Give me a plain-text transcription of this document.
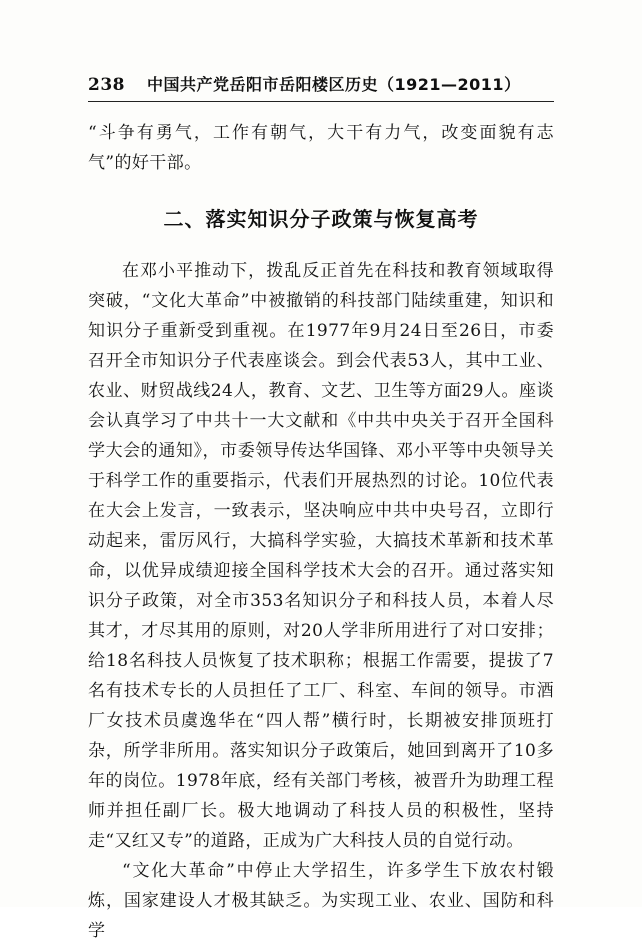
238 中国共产党岳阳市岳阳楼区历史（1921—2011）

“斗争有勇气，工作有朝气，大干有力气，改变面貌有志气”的好干部。

二、落实知识分子政策与恢复高考

在邓小平推动下，拨乱反正首先在科技和教育领域取得突破，“文化大革命”中被撤销的科技部门陆续重建，知识和知识分子重新受到重视。在1977年9月24日至26日，市委召开全市知识分子代表座谈会。到会代表53人，其中工业、农业、财贸战线24人，教育、文艺、卫生等方面29人。座谈会认真学习了中共十一大文献和《中共中央关于召开全国科学大会的通知》，市委领导传达华国锋、邓小平等中央领导关于科学工作的重要指示，代表们开展热烈的讨论。10位代表在大会上发言，一致表示，坚决响应中共中央号召，立即行动起来，雷厉风行，大搞科学实验，大搞技术革新和技术革命，以优异成绩迎接全国科学技术大会的召开。通过落实知识分子政策，对全市353名知识分子和科技人员，本着人尽其才，才尽其用的原则，对20人学非所用进行了对口安排；给18名科技人员恢复了技术职称；根据工作需要，提拔了7名有技术专长的人员担任了工厂、科室、车间的领导。市酒厂女技术员虞逸华在“四人帮”横行时，长期被安排顶班打杂，所学非所用。落实知识分子政策后，她回到离开了10多年的岗位。1978年底，经有关部门考核，被晋升为助理工程师并担任副厂长。极大地调动了科技人员的积极性，坚持走“又红又专”的道路，正成为广大科技人员的自觉行动。

“文化大革命”中停止大学招生，许多学生下放农村锻炼，国家建设人才极其缺乏。为实现工业、农业、国防和科学
